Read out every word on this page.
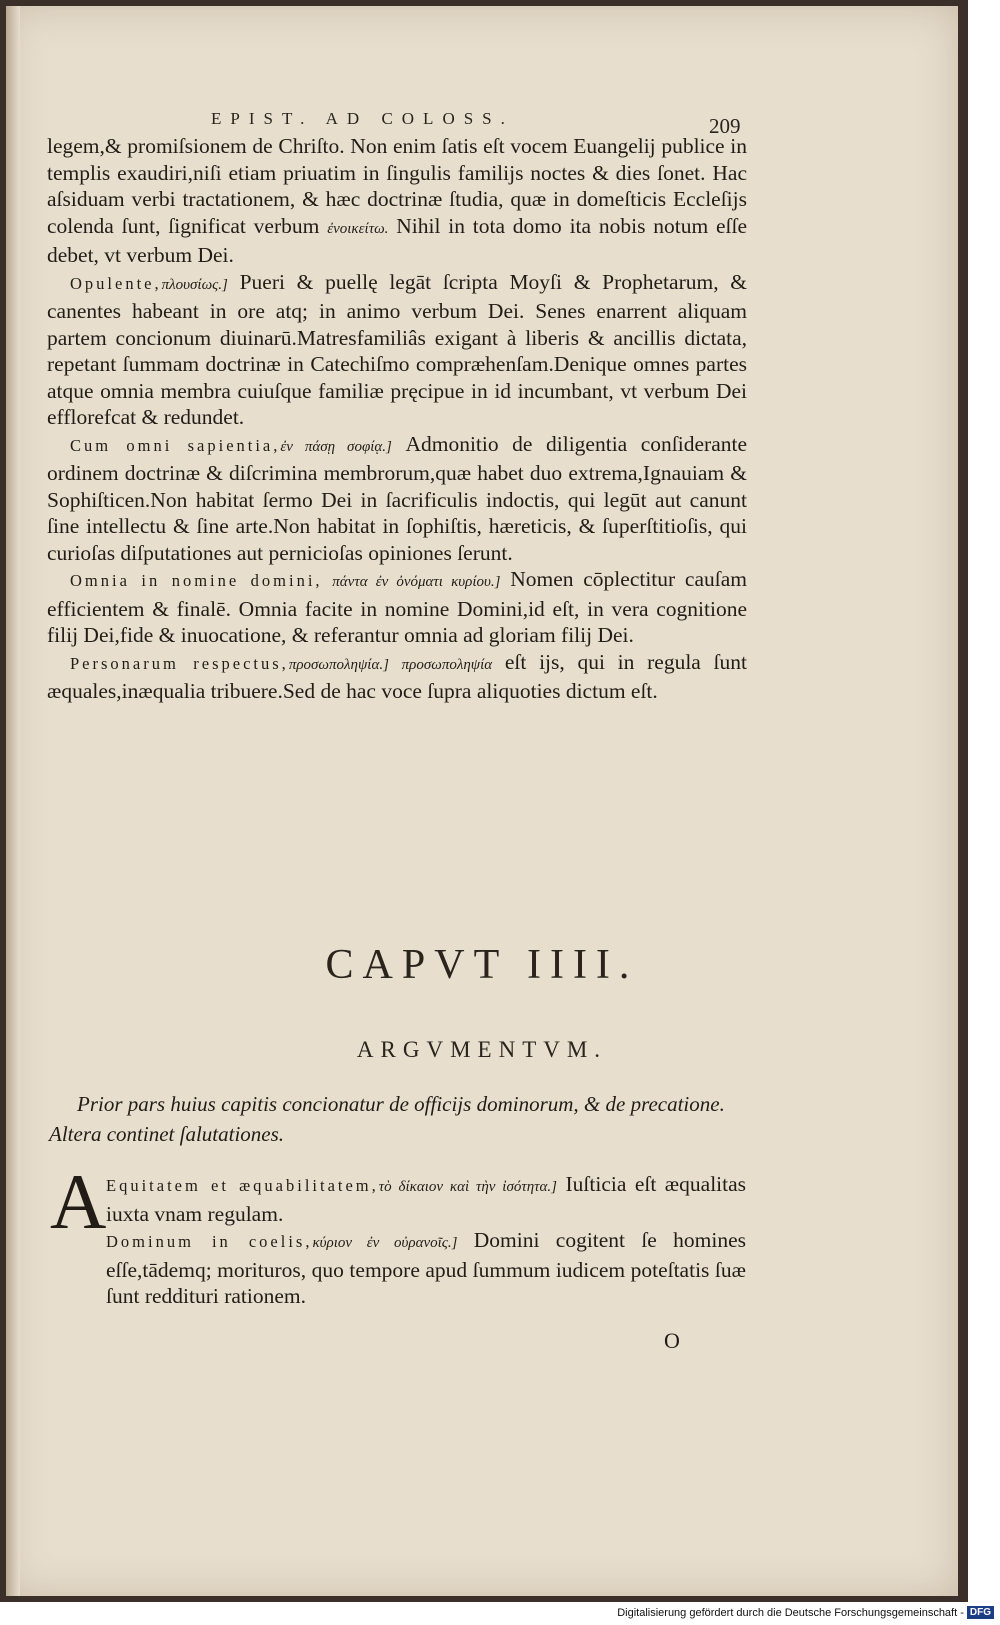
EPIST. AD COLOSS.	209

legem,& promiſsionem de Chriſto. Non enim ſatis eſt vocem Euangelij publice in templis exaudiri,niſi etiam priuatim in ſingulis familijs noctes & dies ſonet. Hac aſsiduam verbi tractationem, & hæc doctrinæ ſtudia, quæ in domeſticis Eccleſijs colenda ſunt, ſignificat verbum ἐνοικείτω. Nihil in tota domo ita nobis notum eſſe debet, vt verbum Dei.

Opulente,πλουσίως.] Pueri & puellę legāt ſcripta Moyſi & Prophetarum, & canentes habeant in ore atq; in animo verbum Dei. Senes enarrent aliquam partem concionum diuinarū.Matresfamiliâs exigant à liberis & ancillis dictata, repetant ſummam doctrinæ in Catechiſmo compræhenſam.Denique omnes partes atque omnia membra cuiuſque familiæ pręcipue in id incumbant, vt verbum Dei efflorefcat & redundet.

Cum omni sapientia,ἐν πάσῃ σοφίᾳ.] Admonitio de diligentia conſiderante ordinem doctrinæ & diſcrimina membrorum,quæ habet duo extrema,Ignauiam & Sophiſticen.Non habitat ſermo Dei in ſacrificulis indoctis, qui legūt aut canunt ſine intellectu & ſine arte.Non habitat in ſophiſtis, hæreticis, & ſuperſtitioſis, qui curioſas diſputationes aut pernicioſas opiniones ſerunt.

Omnia in nomine domini, πάντα ἐν ὀνόματι κυρίου.] Nomen cōplectitur cauſam efficientem & finalē. Omnia facite in nomine Domini,id eſt, in vera cognitione filij Dei,fide & inuocatione, & referantur omnia ad gloriam filij Dei.

Personarum respectus,προσωποληψία.] προσωποληψία eſt ijs, qui in regula ſunt æquales,inæqualia tribuere.Sed de hac voce ſupra aliquoties dictum eſt.

CAPVT IIII.
ARGVMENTVM.
Prior pars huius capitis concionatur de officijs dominorum, & de precatione. Altera continet ſalutationes.
A Equitatem et æquabilitatem,τὸ δίκαιον καὶ τὴν ἰσότητα.] Iuſticia eſt æqualitas iuxta vnam regulam.

Dominum in coelis,κύριον ἐν οὐρανοῖς.] Domini cogitent ſe homines eſſe,tādemq; morituros, quo tempore apud ſummum iudicem poteſtatis ſuæ ſunt reddituri rationem.

O
Digitalisierung gefördert durch die Deutsche Forschungsgemeinschaft - DFG
